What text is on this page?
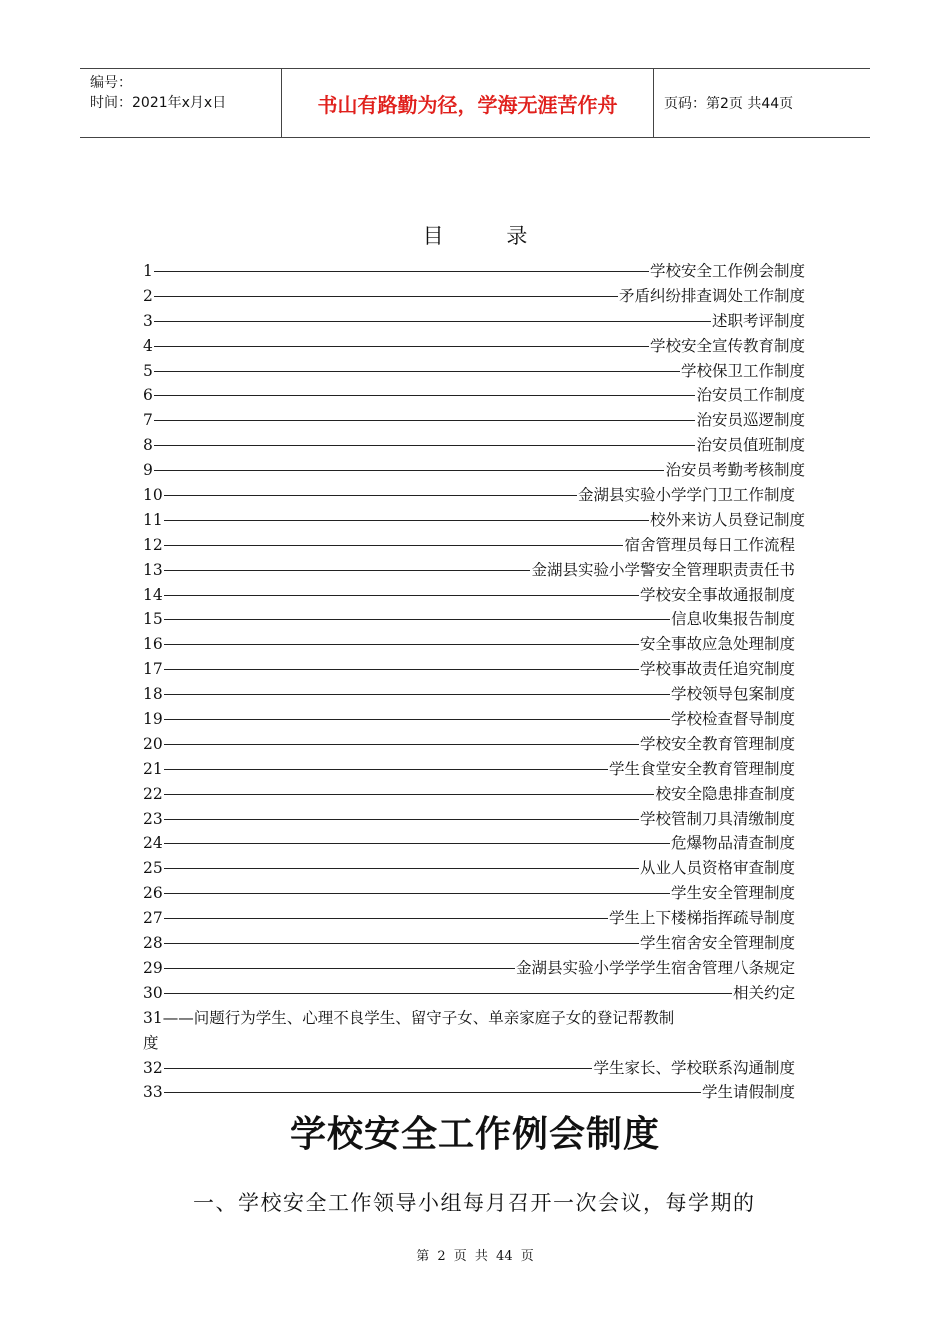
编号：
时间：2021年x月x日	书山有路勤为径，学海无涯苦作舟	页码：第2页 共44页
目 录
1	学校安全工作例会制度
2	矛盾纠纷排查调处工作制度
3	述职考评制度
4	学校安全宣传教育制度
5	学校保卫工作制度
6	治安员工作制度
7	治安员巡逻制度
8	治安员值班制度
9	治安员考勤考核制度
10	金湖县实验小学学门卫工作制度
11	校外来访人员登记制度
12	宿舍管理员每日工作流程
13	金湖县实验小学警安全管理职责责任书
14	学校安全事故通报制度
15	信息收集报告制度
16	安全事故应急处理制度
17	学校事故责任追究制度
18	学校领导包案制度
19	学校检查督导制度
20	学校安全教育管理制度
21	学生食堂安全教育管理制度
22	校安全隐患排查制度
23	学校管制刀具清缴制度
24	危爆物品清查制度
25	从业人员资格审查制度
26	学生安全管理制度
27	学生上下楼梯指挥疏导制度
28	学生宿舍安全管理制度
29	金湖县实验小学学学生宿舍管理八条规定
30	相关约定
31——问题行为学生、心理不良学生、留守子女、单亲家庭子女的登记帮教制
度
32	学生家长、学校联系沟通制度
33	学生请假制度
学校安全工作例会制度
一、学校安全工作领导小组每月召开一次会议，每学期的
第 2 页 共 44 页
